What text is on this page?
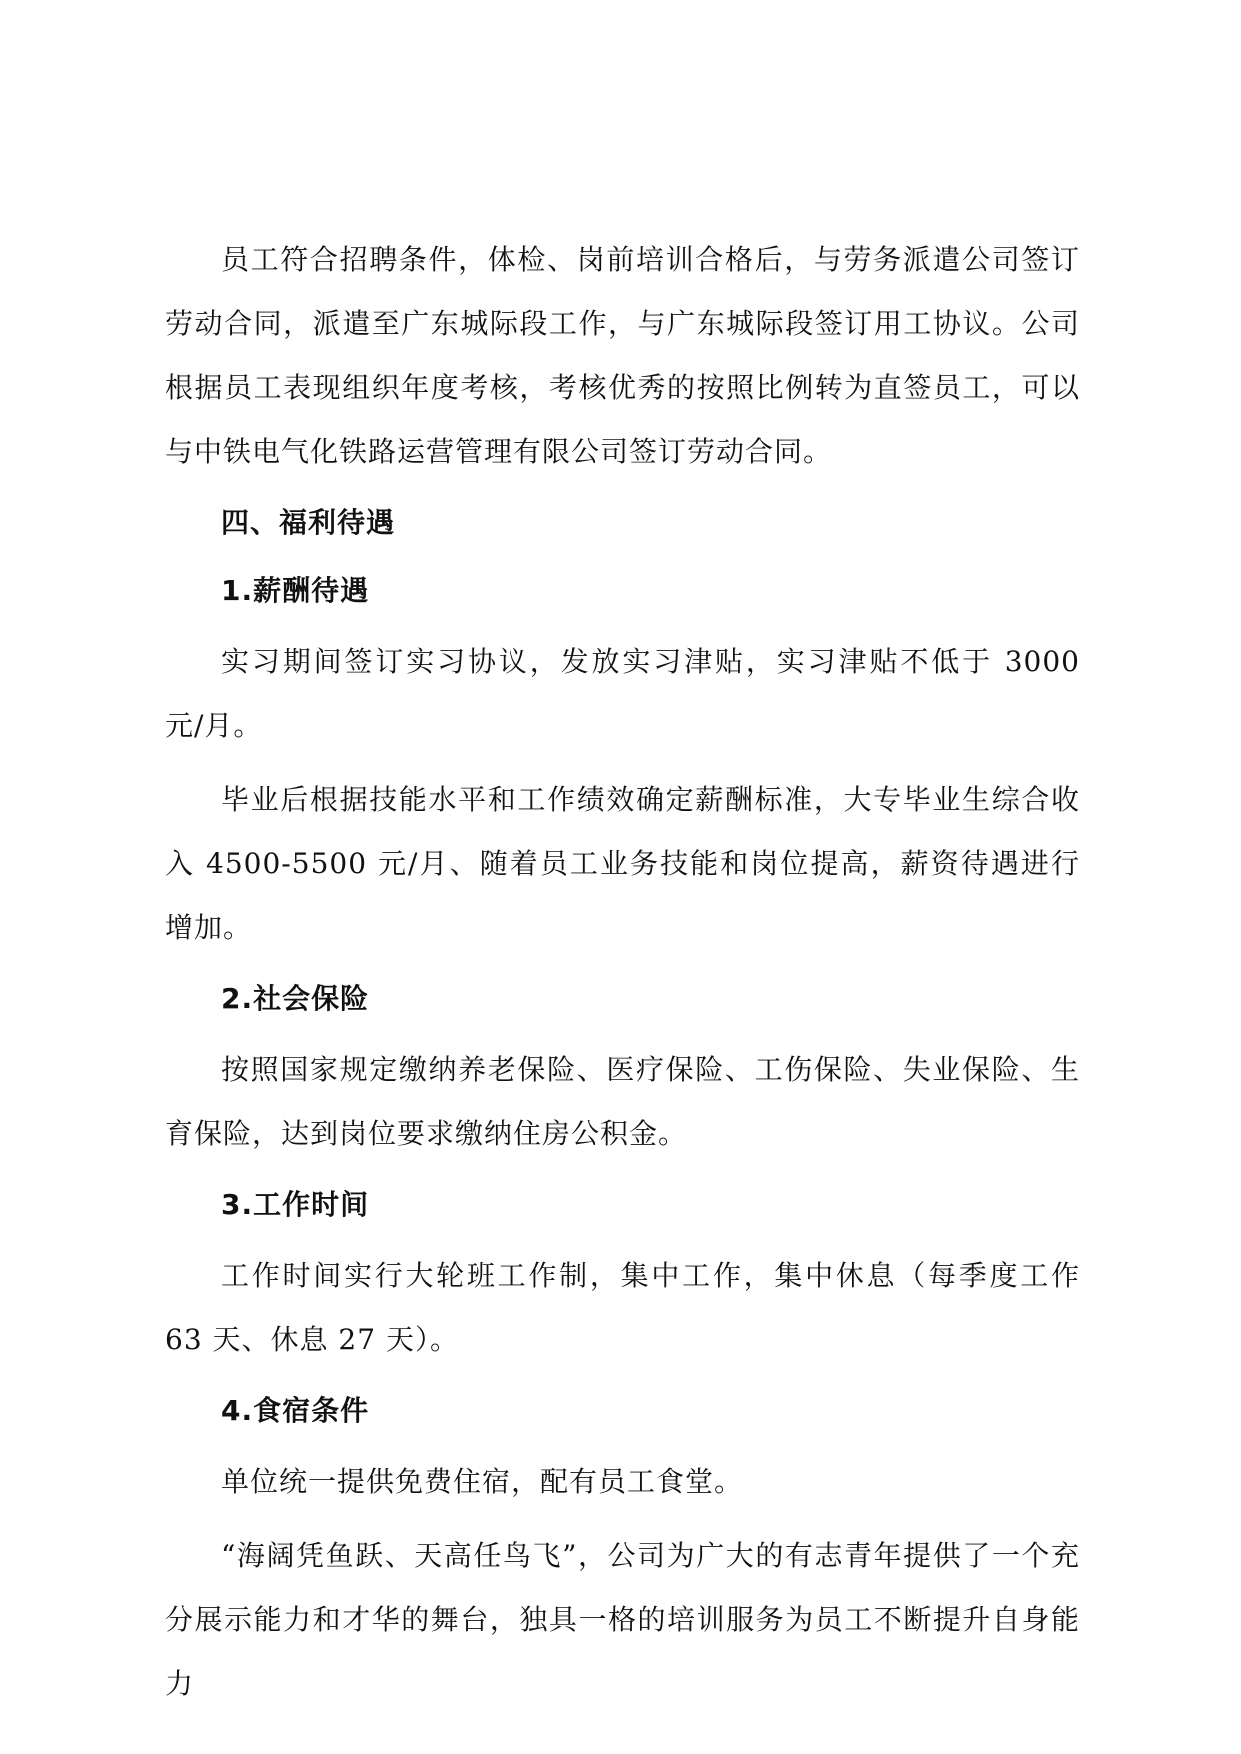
员工符合招聘条件，体检、岗前培训合格后，与劳务派遣公司签订劳动合同，派遣至广东城际段工作，与广东城际段签订用工协议。公司根据员工表现组织年度考核，考核优秀的按照比例转为直签员工，可以与中铁电气化铁路运营管理有限公司签订劳动合同。

四、福利待遇

1.薪酬待遇

实习期间签订实习协议，发放实习津贴，实习津贴不低于 3000 元/月。

毕业后根据技能水平和工作绩效确定薪酬标准，大专毕业生综合收入 4500-5500 元/月、随着员工业务技能和岗位提高，薪资待遇进行增加。

2.社会保险

按照国家规定缴纳养老保险、医疗保险、工伤保险、失业保险、生育保险，达到岗位要求缴纳住房公积金。

3.工作时间

工作时间实行大轮班工作制，集中工作，集中休息（每季度工作 63 天、休息 27 天）。

4.食宿条件

单位统一提供免费住宿，配有员工食堂。

“海阔凭鱼跃、天高任鸟飞”，公司为广大的有志青年提供了一个充分展示能力和才华的舞台，独具一格的培训服务为员工不断提升自身能力
